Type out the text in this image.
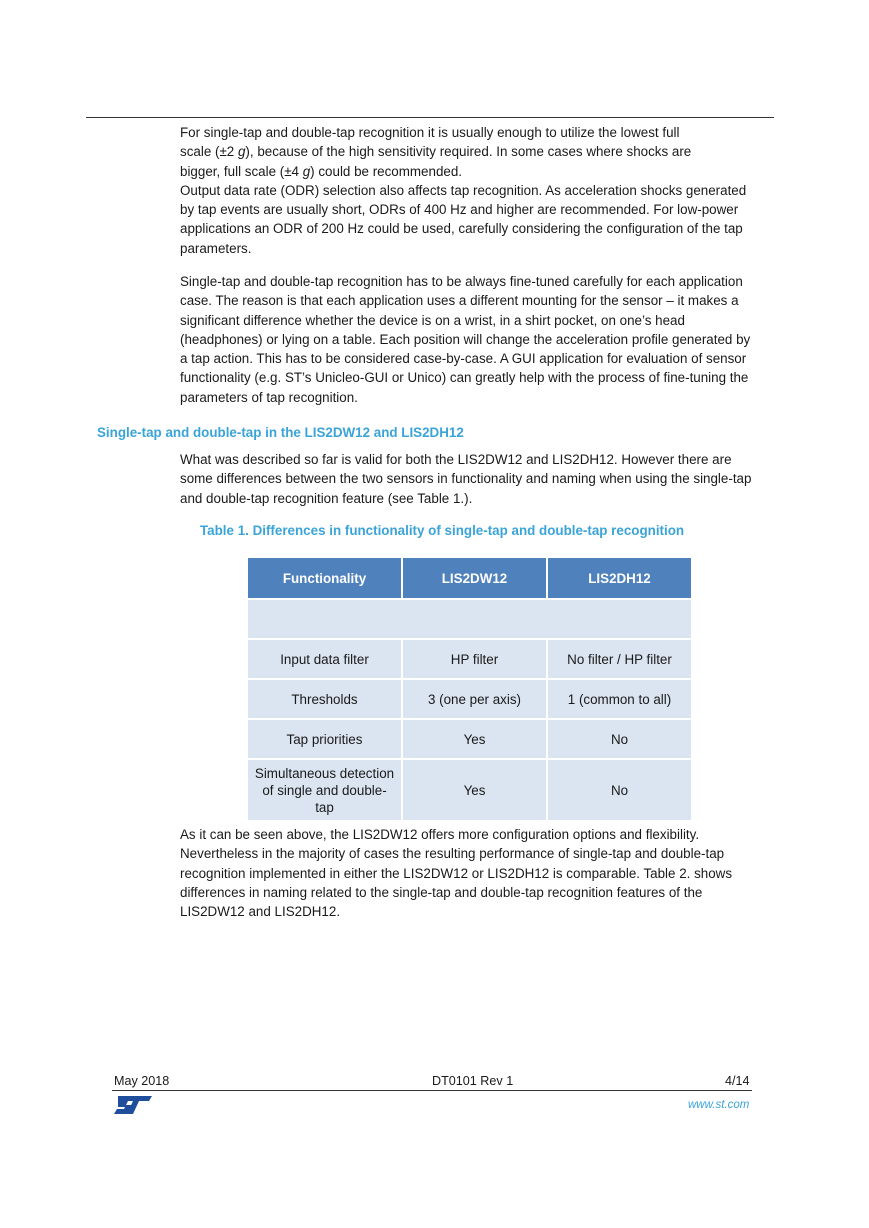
For single-tap and double-tap recognition it is usually enough to utilize the lowest full
scale (±2 g), because of the high sensitivity required. In some cases where shocks are
bigger, full scale (±4 g) could be recommended.

Output data rate (ODR) selection also affects tap recognition. As acceleration shocks generated by tap events are usually short, ODRs of 400 Hz and higher are recommended. For low-power applications an ODR of 200 Hz could be used, carefully considering the configuration of the tap parameters.

Single-tap and double-tap recognition has to be always fine-tuned carefully for each application case. The reason is that each application uses a different mounting for the sensor – it makes a significant difference whether the device is on a wrist, in a shirt pocket, on one’s head (headphones) or lying on a table. Each position will change the acceleration profile generated by a tap action. This has to be considered case-by-case. A GUI application for evaluation of sensor functionality (e.g. ST’s Unicleo-GUI or Unico) can greatly help with the process of fine-tuning the parameters of tap recognition.

Single-tap and double-tap in the LIS2DW12 and LIS2DH12

What was described so far is valid for both the LIS2DW12 and LIS2DH12. However there are some differences between the two sensors in functionality and naming when using the single-tap and double-tap recognition feature (see Table 1.).

Table 1. Differences in functionality of single-tap and double-tap recognition

Functionality	LIS2DW12	LIS2DH12

Input data filter	HP filter	No filter / HP filter
Thresholds	3 (one per axis)	1 (common to all)
Tap priorities	Yes	No
Simultaneous detection of single and double-tap	Yes	No

As it can be seen above, the LIS2DW12 offers more configuration options and flexibility. Nevertheless in the majority of cases the resulting performance of single-tap and double-tap recognition implemented in either the LIS2DW12 or LIS2DH12 is comparable. Table 2. shows differences in naming related to the single-tap and double-tap recognition features of the LIS2DW12 and LIS2DH12.

May 2018	DT0101 Rev 1	4/14
www.st.com
